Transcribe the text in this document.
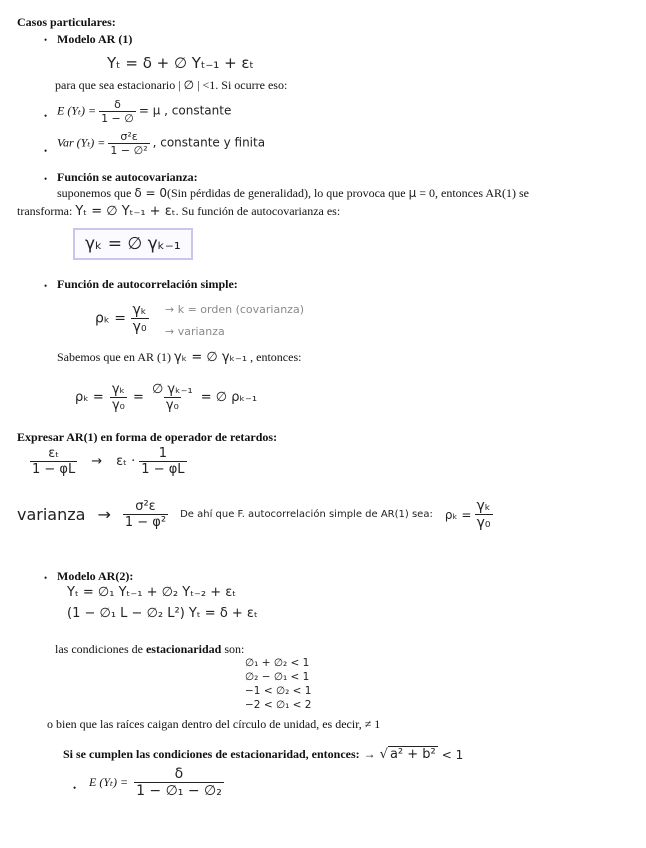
Casos particulares:
• Modelo AR (1)
Yₜ = δ + ∅ Yₜ₋₁ + εₜ
para que sea estacionario | ∅ | <1. Si ocurre eso:
• E $(Y_t) = \frac{\delta}{1 - \emptyset} = \mu$ , constante
•
Var $(Y_t) = \frac{\text{σ²ε}}{\text{1 − ∅²}}$ , constante y finita
• Función se autocovarianza:
suponemos que δ = 0(Sin pérdidas de generalidad), lo que provoca que μ = 0, entonces AR(1) se
transforma: Yₜ = ∅ Yₜ₋₁ + εₜ. Su función de autocovarianza es:
γₖ = ∅ γₖ₋₁
• Función de autocorrelación simple:
$\rho_k = \frac{\text{γₖ}}{\text{γ₀}} \to k$ = orden (covarianza)
→ varianza
Sabemos que en AR (1) γₖ = ∅ γₖ₋₁ , entonces:
$\rho_k = \frac{\text{γₖ}}{\text{γ₀}} = \frac{\text{∅ γₖ₋₁}}{\text{γ₀}}$ = ∅ ρₖ₋₁
Expresar AR(1) en forma de operador de retardos:
$\frac{\text{εₜ}}{1 - \varphi L} \to \varepsilon_t \cdot \frac{1}{1 - \varphi L}$
varianza → $\frac{\text{σ²ε}}{\text{1 − φ²}}$ De ahí que F. autocorrelación simple de AR(1) sea: $\rho_k = \frac{\text{γₖ}}{\text{γ₀}}$
• Modelo AR(2):
Yₜ = ∅₁ Yₜ₋₁ + ∅₂ Yₜ₋₂ + εₜ
(1 − ∅₁ L − ∅₂ L²) Yₜ = δ + εₜ
las condiciones de estacionaridad son:
∅₁ + ∅₂ < 1
∅₂ − ∅₁ < 1
−1 < ∅₂ < 1
−2 < ∅₁ < 2
o bien que las raíces caigan dentro del círculo de unidad, es decir, ≠ 1
Si se cumplen las condiciones de estacionaridad, entonces: → √ a² + b² < 1
• E $(Y_t) = \frac{\delta}{\text{1 − ∅₁ − ∅₂}}$
